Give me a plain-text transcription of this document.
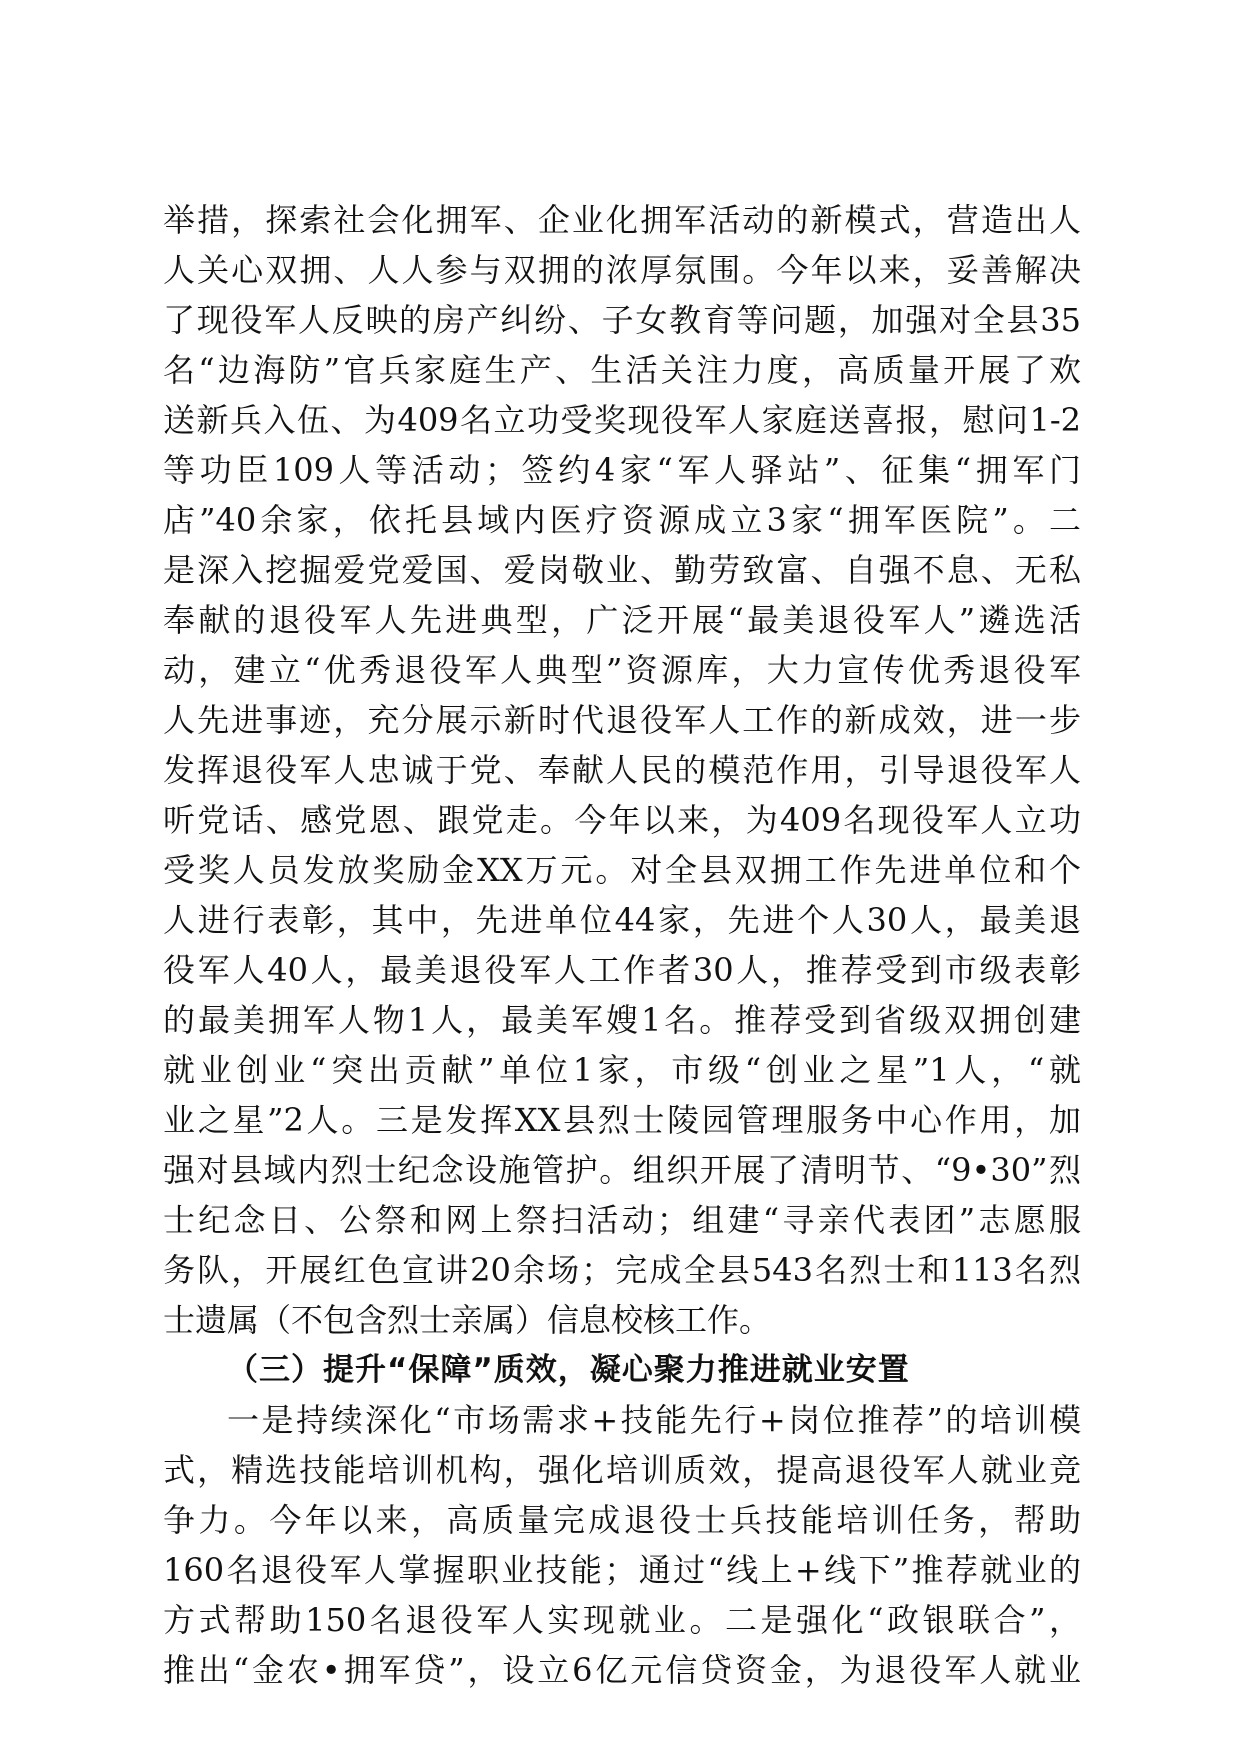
举措，探索社会化拥军、企业化拥军活动的新模式，营造出人
人关心双拥、人人参与双拥的浓厚氛围。今年以来，妥善解决
了现役军人反映的房产纠纷、子女教育等问题，加强对全县35
名“边海防”官兵家庭生产、生活关注力度，高质量开展了欢
送新兵入伍、为409名立功受奖现役军人家庭送喜报，慰问1-2
等功臣109人等活动；签约4家“军人驿站”、征集“拥军门
店”40余家，依托县域内医疗资源成立3家“拥军医院”。二
是深入挖掘爱党爱国、爱岗敬业、勤劳致富、自强不息、无私
奉献的退役军人先进典型，广泛开展“最美退役军人”遴选活
动，建立“优秀退役军人典型”资源库，大力宣传优秀退役军
人先进事迹，充分展示新时代退役军人工作的新成效，进一步
发挥退役军人忠诚于党、奉献人民的模范作用，引导退役军人
听党话、感党恩、跟党走。今年以来，为409名现役军人立功
受奖人员发放奖励金XX万元。对全县双拥工作先进单位和个
人进行表彰，其中，先进单位44家，先进个人30人，最美退
役军人40人，最美退役军人工作者30人，推荐受到市级表彰
的最美拥军人物1人，最美军嫂1名。推荐受到省级双拥创建
就业创业“突出贡献”单位1家，市级“创业之星”1人，“就
业之星”2人。三是发挥XX县烈士陵园管理服务中心作用，加
强对县域内烈士纪念设施管护。组织开展了清明节、“9•30”烈
士纪念日、公祭和网上祭扫活动；组建“寻亲代表团”志愿服
务队，开展红色宣讲20余场；完成全县543名烈士和113名烈
士遗属（不包含烈士亲属）信息校核工作。
（三）提升“保障”质效，凝心聚力推进就业安置
一是持续深化“市场需求+技能先行+岗位推荐”的培训模
式，精选技能培训机构，强化培训质效，提高退役军人就业竞
争力。今年以来，高质量完成退役士兵技能培训任务，帮助
160名退役军人掌握职业技能；通过“线上+线下”推荐就业的
方式帮助150名退役军人实现就业。二是强化“政银联合”，
推出“金农•拥军贷”，设立6亿元信贷资金，为退役军人就业
